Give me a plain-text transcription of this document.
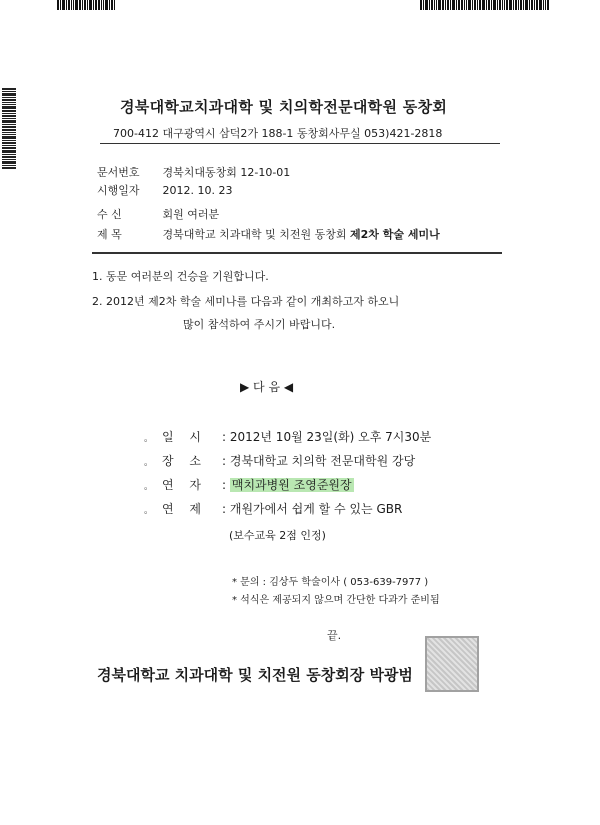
경북대학교치과대학 및 치의학전문대학원 동창회
700-412 대구광역시 삼덕2가 188-1 동창회사무실 053)421-2818
문서번호 경북치대동창회 12-10-01
시행일자 2012. 10. 23
수 신	회원 여러분
제 목	경북대학교 치과대학 및 치전원 동창회 제2차 학술 세미나
1. 동문 여러분의 건승을 기원합니다.
2. 2012년 제2차 학술 세미나를 다음과 같이 개최하고자 하오니
많이 참석하여 주시기 바랍니다.
▶ 다 음 ◀
。 일 시 : 2012년 10월 23일(화) 오후 7시30분
。 장 소 : 경북대학교 치의학 전문대학원 강당
。 연 자 : 맥치과병원 조영준원장
。 연 제 : 개원가에서 쉽게 할 수 있는 GBR
(보수교육 2점 인정)
* 문의 : 김상두 학술이사 ( 053-639-7977 )
* 석식은 제공되지 않으며 간단한 다과가 준비됨
끝.
경북대학교 치과대학 및 치전원 동창회장 박광범
